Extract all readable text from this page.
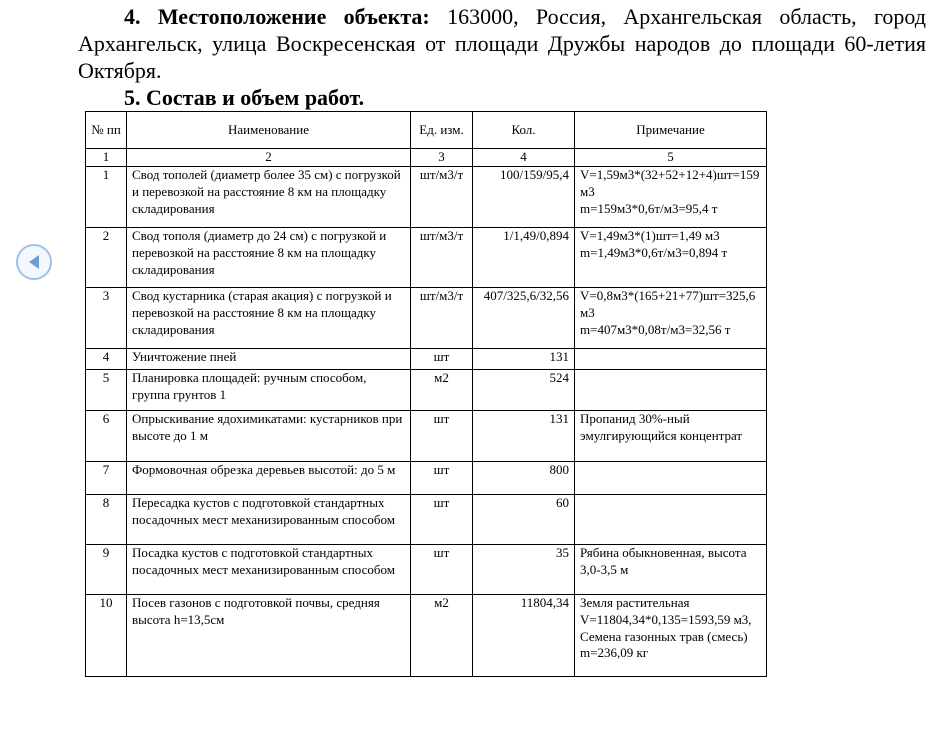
4. Местоположение объекта: 163000, Россия, Архангельская область, город Архангельск, улица Воскресенская от площади Дружбы народов до площади 60-летия Октября.

5. Состав и объем работ.
№ пп	Наименование	Ед. изм.	Кол.	Примечание
1	2	3	4	5
1	Свод тополей (диаметр более 35 см) с погрузкой и перевозкой на расстояние 8 км на площадку складирования	шт/м3/т	100/159/95,4	V=1,59м3*(32+52+12+4)шт=159 м3
m=159м3*0,6т/м3=95,4 т
2	Свод тополя (диаметр до 24 см) с погрузкой и перевозкой на расстояние 8 км на площадку складирования	шт/м3/т	1/1,49/0,894	V=1,49м3*(1)шт=1,49 м3
m=1,49м3*0,6т/м3=0,894 т
3	Свод кустарника (старая акация) с погрузкой и перевозкой на расстояние 8 км на площадку складирования	шт/м3/т	407/325,6/32,56	V=0,8м3*(165+21+77)шт=325,6 м3
m=407м3*0,08т/м3=32,56 т
4	Уничтожение пней	шт	131	
5	Планировка площадей: ручным способом, группа грунтов 1	м2	524	
6	Опрыскивание ядохимикатами: кустарников при высоте до 1 м	шт	131	Пропанид 30%-ный эмулгирующийся концентрат
7	Формовочная обрезка деревьев высотой: до 5 м	шт	800	
8	Пересадка кустов с подготовкой стандартных посадочных мест механизированным способом	шт	60	
9	Посадка кустов с подготовкой стандартных посадочных мест механизированным способом	шт	35	Рябина обыкновенная, высота 3,0-3,5 м
10	Посев газонов с подготовкой почвы, средняя высота h=13,5см	м2	11804,34	Земля растительная
V=11804,34*0,135=1593,59 м3,
Семена газонных трав (смесь) m=236,09 кг
